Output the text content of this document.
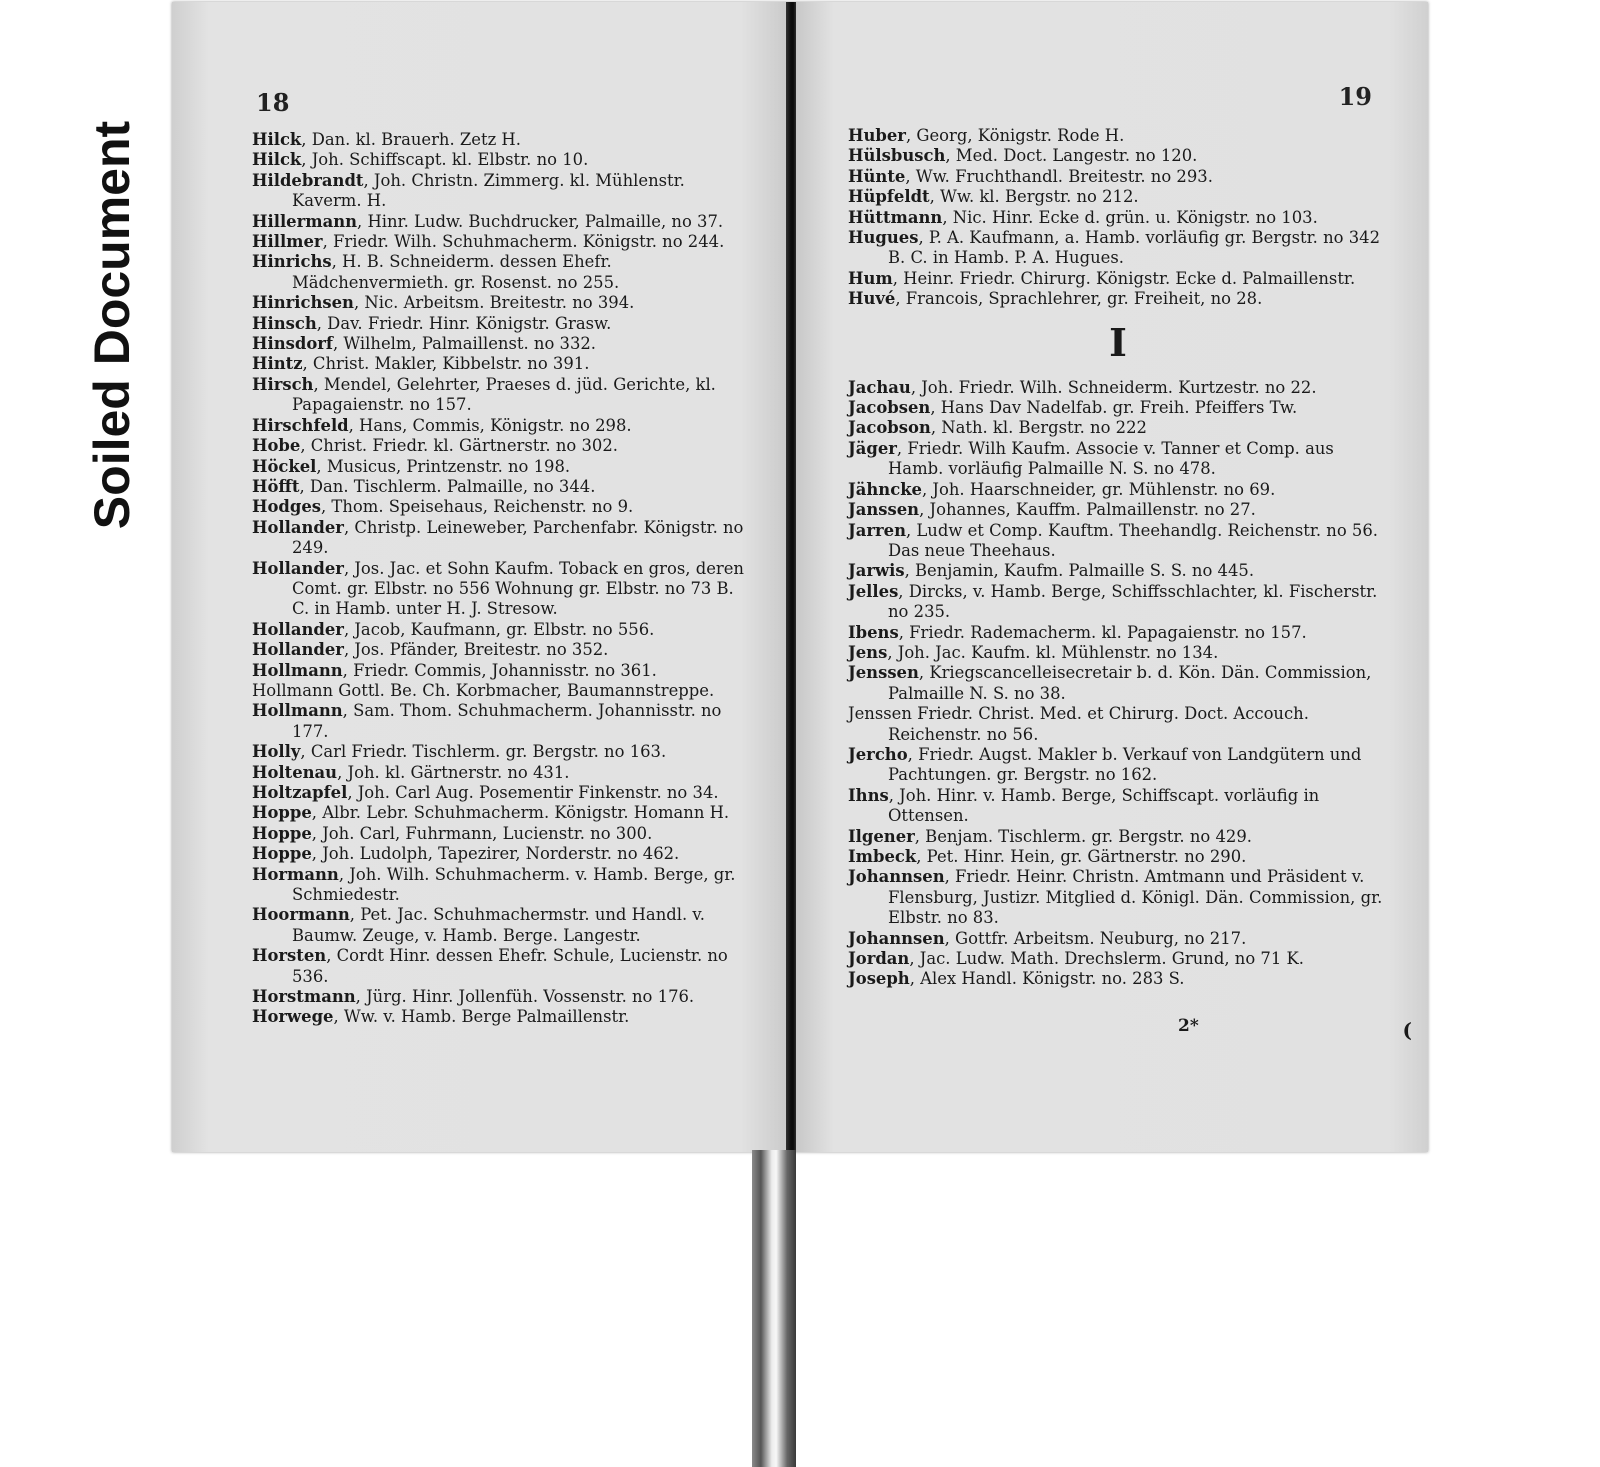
Soiled Document
18
Hilck, Dan. kl. Brauerh. Zetz H.
Hilck, Joh. Schiffscapt. kl. Elbstr. no 10.
Hildebrandt, Joh. Christn. Zimmerg. kl. Mühlenstr. Kaverm. H.
Hillermann, Hinr. Ludw. Buchdrucker, Palmaille, no 37.
Hillmer, Friedr. Wilh. Schuhmacherm. Königstr. no 244.
Hinrichs, H. B. Schneiderm. dessen Ehefr. Mädchenvermieth. gr. Rosenst. no 255.
Hinrichsen, Nic. Arbeitsm. Breitestr. no 394.
Hinsch, Dav. Friedr. Hinr. Königstr. Grasw.
Hinsdorf, Wilhelm, Palmaillenst. no 332.
Hintz, Christ. Makler, Kibbelstr. no 391.
Hirsch, Mendel, Gelehrter, Praeses d. jüd. Gerichte, kl. Papagaienstr. no 157.
Hirschfeld, Hans, Commis, Königstr. no 298.
Hobe, Christ. Friedr. kl. Gärtnerstr. no 302.
Höckel, Musicus, Printzenstr. no 198.
Höfft, Dan. Tischlerm. Palmaille, no 344.
Hodges, Thom. Speisehaus, Reichenstr. no 9.
Hollander, Christp. Leineweber, Parchenfabr. Königstr. no 249.
Hollander, Jos. Jac. et Sohn Kaufm. Toback en gros, deren Comt. gr. Elbstr. no 556 Wohnung gr. Elbstr. no 73 B. C. in Hamb. unter H. J. Stresow.
Hollander, Jacob, Kaufmann, gr. Elbstr. no 556.
Hollander, Jos. Pfänder, Breitestr. no 352.
Hollmann, Friedr. Commis, Johannisstr. no 361.
Hollmann Gottl. Be. Ch. Korbmacher, Baumannstreppe.
Hollmann, Sam. Thom. Schuhmacherm. Johannisstr. no 177.
Holly, Carl Friedr. Tischlerm. gr. Bergstr. no 163.
Holtenau, Joh. kl. Gärtnerstr. no 431.
Holtzapfel, Joh. Carl Aug. Posementir Finkenstr. no 34.
Hoppe, Albr. Lebr. Schuhmacherm. Königstr. Homann H.
Hoppe, Joh. Carl, Fuhrmann, Lucienstr. no 300.
Hoppe, Joh. Ludolph, Tapezirer, Norderstr. no 462.
Hormann, Joh. Wilh. Schuhmacherm. v. Hamb. Berge, gr. Schmiedestr.
Hoormann, Pet. Jac. Schuhmachermstr. und Handl. v. Baumw. Zeuge, v. Hamb. Berge. Langestr.
Horsten, Cordt Hinr. dessen Ehefr. Schule, Lucienstr. no 536.
Horstmann, Jürg. Hinr. Jollenfüh. Vossenstr. no 176.
Horwege, Ww. v. Hamb. Berge Palmaillenstr.
19
Huber, Georg, Königstr. Rode H.
Hülsbusch, Med. Doct. Langestr. no 120.
Hünte, Ww. Fruchthandl. Breitestr. no 293.
Hüpfeldt, Ww. kl. Bergstr. no 212.
Hüttmann, Nic. Hinr. Ecke d. grün. u. Königstr. no 103.
Hugues, P. A. Kaufmann, a. Hamb. vorläufig gr. Bergstr. no 342 B. C. in Hamb. P. A. Hugues.
Hum, Heinr. Friedr. Chirurg. Königstr. Ecke d. Palmaillenstr.
Huvé, Francois, Sprachlehrer, gr. Freiheit, no 28.
I
Jachau, Joh. Friedr. Wilh. Schneiderm. Kurtzestr. no 22.
Jacobsen, Hans Dav Nadelfab. gr. Freih. Pfeiffers Tw.
Jacobson, Nath. kl. Bergstr. no 222
Jäger, Friedr. Wilh Kaufm. Associe v. Tanner et Comp. aus Hamb. vorläufig Palmaille N. S. no 478.
Jähncke, Joh. Haarschneider, gr. Mühlenstr. no 69.
Janssen, Johannes, Kauffm. Palmaillenstr. no 27.
Jarren, Ludw et Comp. Kauftm. Theehandlg. Reichenstr. no 56. Das neue Theehaus.
Jarwis, Benjamin, Kaufm. Palmaille S. S. no 445.
Jelles, Dircks, v. Hamb. Berge, Schiffsschlachter, kl. Fischerstr. no 235.
Ibens, Friedr. Rademacherm. kl. Papagaienstr. no 157.
Jens, Joh. Jac. Kaufm. kl. Mühlenstr. no 134.
Jenssen, Kriegscancelleisecretair b. d. Kön. Dän. Commission, Palmaille N. S. no 38.
Jenssen Friedr. Christ. Med. et Chirurg. Doct. Accouch. Reichenstr. no 56.
Jercho, Friedr. Augst. Makler b. Verkauf von Landgütern und Pachtungen. gr. Bergstr. no 162.
Ihns, Joh. Hinr. v. Hamb. Berge, Schiffscapt. vorläufig in Ottensen.
Ilgener, Benjam. Tischlerm. gr. Bergstr. no 429.
Imbeck, Pet. Hinr. Hein, gr. Gärtnerstr. no 290.
Johannsen, Friedr. Heinr. Christn. Amtmann und Präsident v. Flensburg, Justizr. Mitglied d. Königl. Dän. Commission, gr. Elbstr. no 83.
Johannsen, Gottfr. Arbeitsm. Neuburg, no 217.
Jordan, Jac. Ludw. Math. Drechslerm. Grund, no 71 K.
Joseph, Alex Handl. Königstr. no. 283 S.
2*	(
